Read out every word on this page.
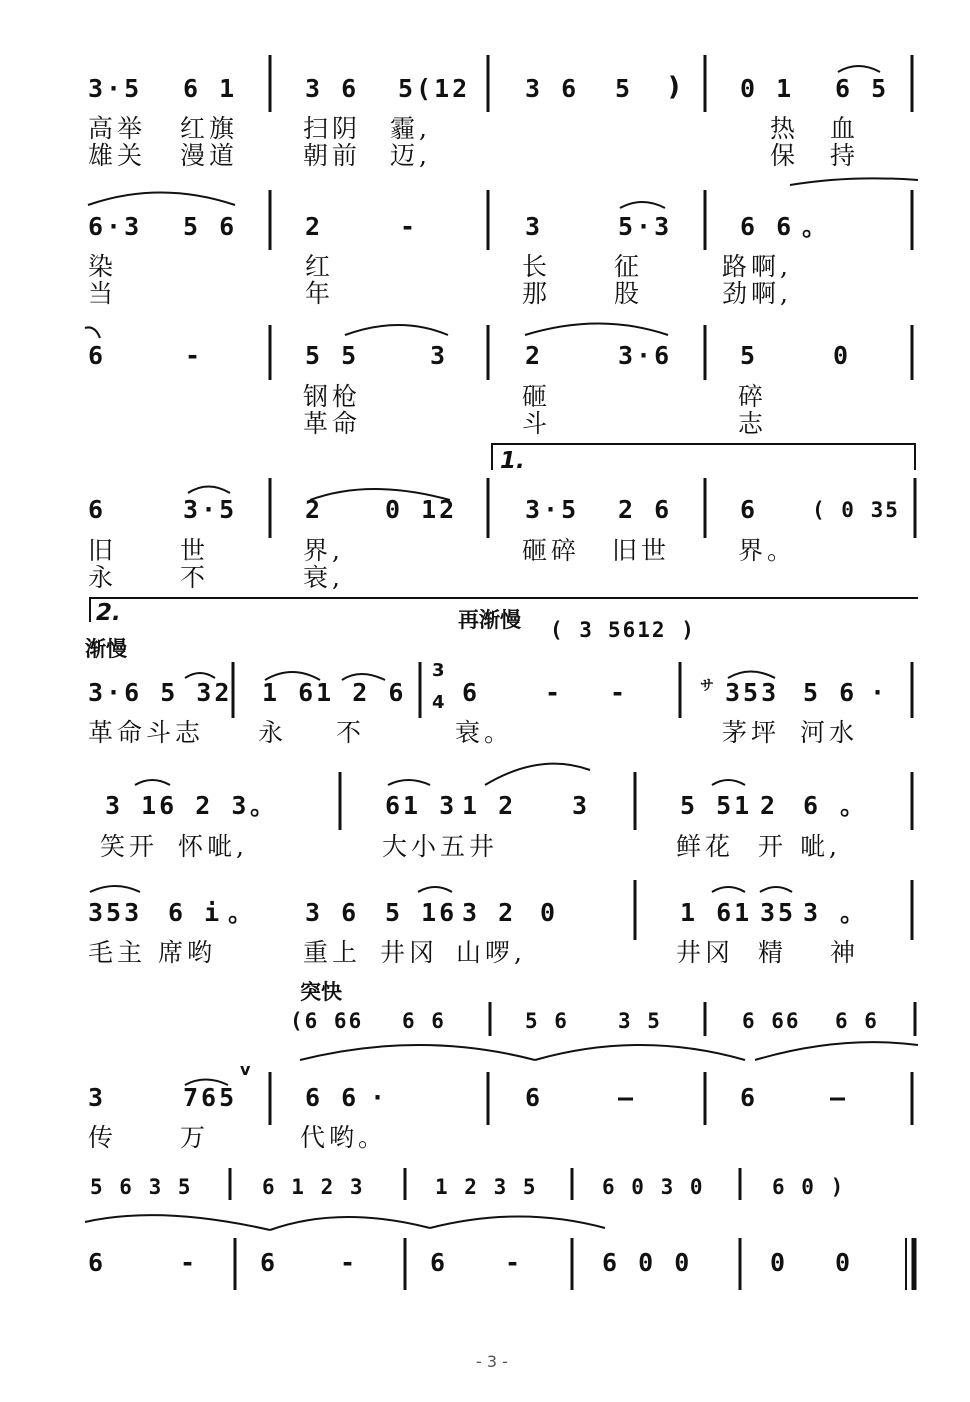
3·5 6 1	3 6 5(12 3 6 5 ) 0 1 6 5
高举 红旗	扫阴 霾,	热 血
雄关 漫道	朝前 迈,	保 持
6·3 5 6	2	-	3	5·3	6 6 。
染	红	长	征	路啊,
当	年	那	股	劲啊,
6	-	5 5	3	2	3·6	5	0
钢枪	砸	碎
革命	斗	志
1.
6	3·5	2 0 12	3·5 2 6	6	( 0 35
旧	世	界,	砸碎 旧世	界。
永	不	衰,
2.	再渐慢
渐慢
( 3 5612 )
3·6 5 32 1 61 2 6
3
4 6	- -	サ 353 5 6 ·
革命斗志 永 不	衰。	茅坪 河水
3 16 2 3 。	61 3 1 2 3	5 51 2 6 。
笑开 怀呲,	大小五井	鲜花 开 呲,
353 6 i 。 3 6 5 16 3 2 0	1 61 35 3 。
毛主 席哟	重上 井冈 山啰,	井冈 精 神
突快
(6 66 6 6	5 6 3 5	6 66 6 6
3	765
v
6 6 ·	6	—	6	—
传	万	代哟。
5 6 3 5	6 1 2 3	1 2 3 5	6 0 3 0	6 0 )
6	- 6 -	6 -	6 0 0	0 0
- 3 -
